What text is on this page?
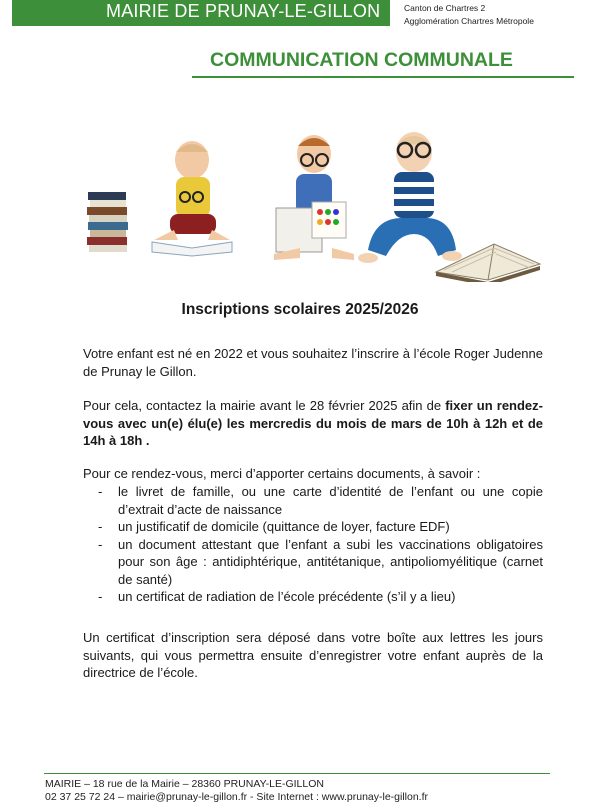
MAIRIE DE PRUNAY-LE-GILLON	Canton de Chartres 2
Agglomération Chartres Métropole
COMMUNICATION COMMUNALE
Inscriptions scolaires 2025/2026

Votre enfant est né en 2022 et vous souhaitez l’inscrire à l’école Roger Judenne de Prunay le Gillon.

Pour cela, contactez la mairie avant le 28 février 2025 afin de fixer un rendez-vous avec un(e) élu(e) les mercredis du mois de mars de 10h à 12h et de 14h à 18h .

Pour ce rendez-vous, merci d’apporter certains documents, à savoir :

- le livret de famille, ou une carte d’identité de l’enfant ou une copie d’extrait d’acte de naissance
- un justificatif de domicile (quittance de loyer, facture EDF)
- un document attestant que l’enfant a subi les vaccinations obligatoires pour son âge : antidiphtérique, antitétanique, antipoliomyélitique (carnet de santé)
- un certificat de radiation de l’école précédente (s’il y a lieu)

Un certificat d’inscription sera déposé dans votre boîte aux lettres les jours suivants, qui vous permettra ensuite d’enregistrer votre enfant auprès de la directrice de l’école.

MAIRIE – 18 rue de la Mairie – 28360 PRUNAY-LE-GILLON
02 37 25 72 24 – mairie@prunay-le-gillon.fr - Site Internet : www.prunay-le-gillon.fr
